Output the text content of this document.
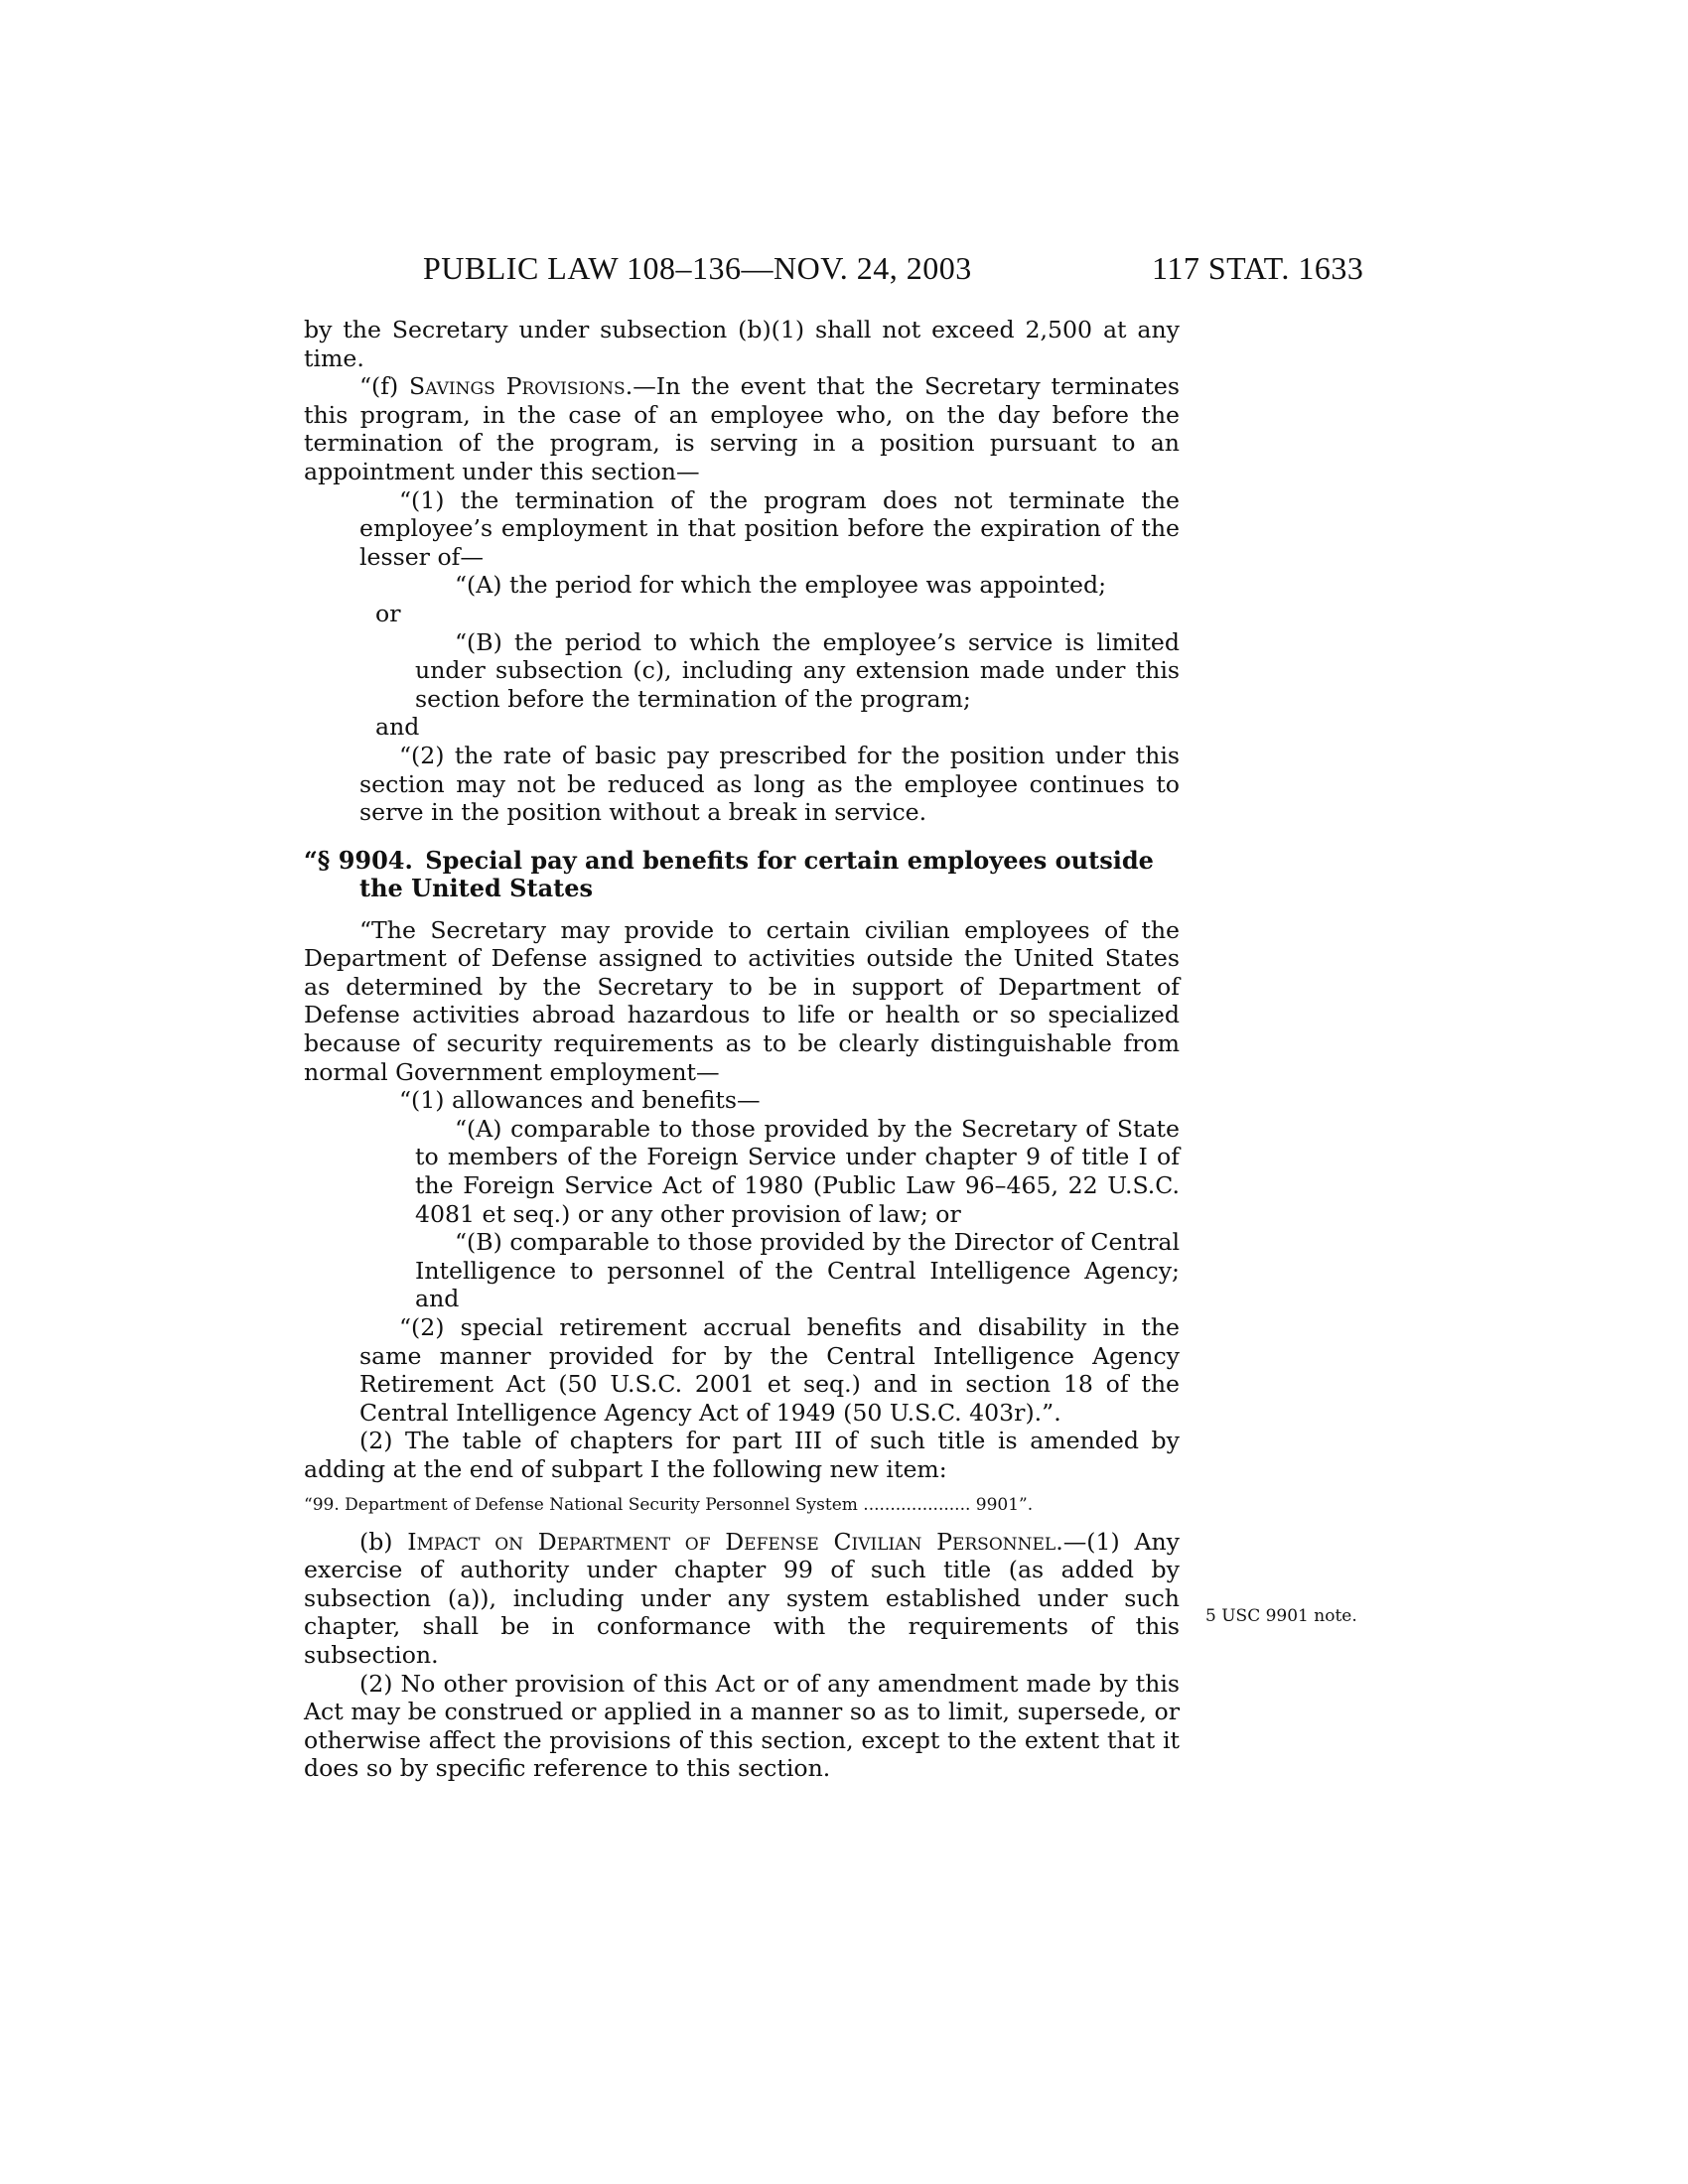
PUBLIC LAW 108–136—NOV. 24, 2003	117 STAT. 1633
5 USC 9901 note.

by the Secretary under subsection (b)(1) shall not exceed 2,500 at any time.

“(f) Savings Provisions.—In the event that the Secretary terminates this program, in the case of an employee who, on the day before the termination of the program, is serving in a position pursuant to an appointment under this section—

“(1) the termination of the program does not terminate the employee’s employment in that position before the expiration of the lesser of—

“(A) the period for which the employee was appointed;

or

“(B) the period to which the employee’s service is limited under subsection (c), including any extension made under this section before the termination of the program;

and

“(2) the rate of basic pay prescribed for the position under this section may not be reduced as long as the employee continues to serve in the position without a break in service.

“§ 9904. Special pay and benefits for certain employees outside the United States

“The Secretary may provide to certain civilian employees of the Department of Defense assigned to activities outside the United States as determined by the Secretary to be in support of Department of Defense activities abroad hazardous to life or health or so specialized because of security requirements as to be clearly distinguishable from normal Government employment—

“(1) allowances and benefits—

“(A) comparable to those provided by the Secretary of State to members of the Foreign Service under chapter 9 of title I of the Foreign Service Act of 1980 (Public Law 96–465, 22 U.S.C. 4081 et seq.) or any other provision of law; or

“(B) comparable to those provided by the Director of Central Intelligence to personnel of the Central Intelligence Agency; and

“(2) special retirement accrual benefits and disability in the same manner provided for by the Central Intelligence Agency Retirement Act (50 U.S.C. 2001 et seq.) and in section 18 of the Central Intelligence Agency Act of 1949 (50 U.S.C. 403r).”.

(2) The table of chapters for part III of such title is amended by adding at the end of subpart I the following new item:

“99. Department of Defense National Security Personnel System .................... 9901”.

(b) Impact on Department of Defense Civilian Personnel.—(1) Any exercise of authority under chapter 99 of such title (as added by subsection (a)), including under any system established under such chapter, shall be in conformance with the requirements of this subsection.

(2) No other provision of this Act or of any amendment made by this Act may be construed or applied in a manner so as to limit, supersede, or otherwise affect the provisions of this section, except to the extent that it does so by specific reference to this section.
